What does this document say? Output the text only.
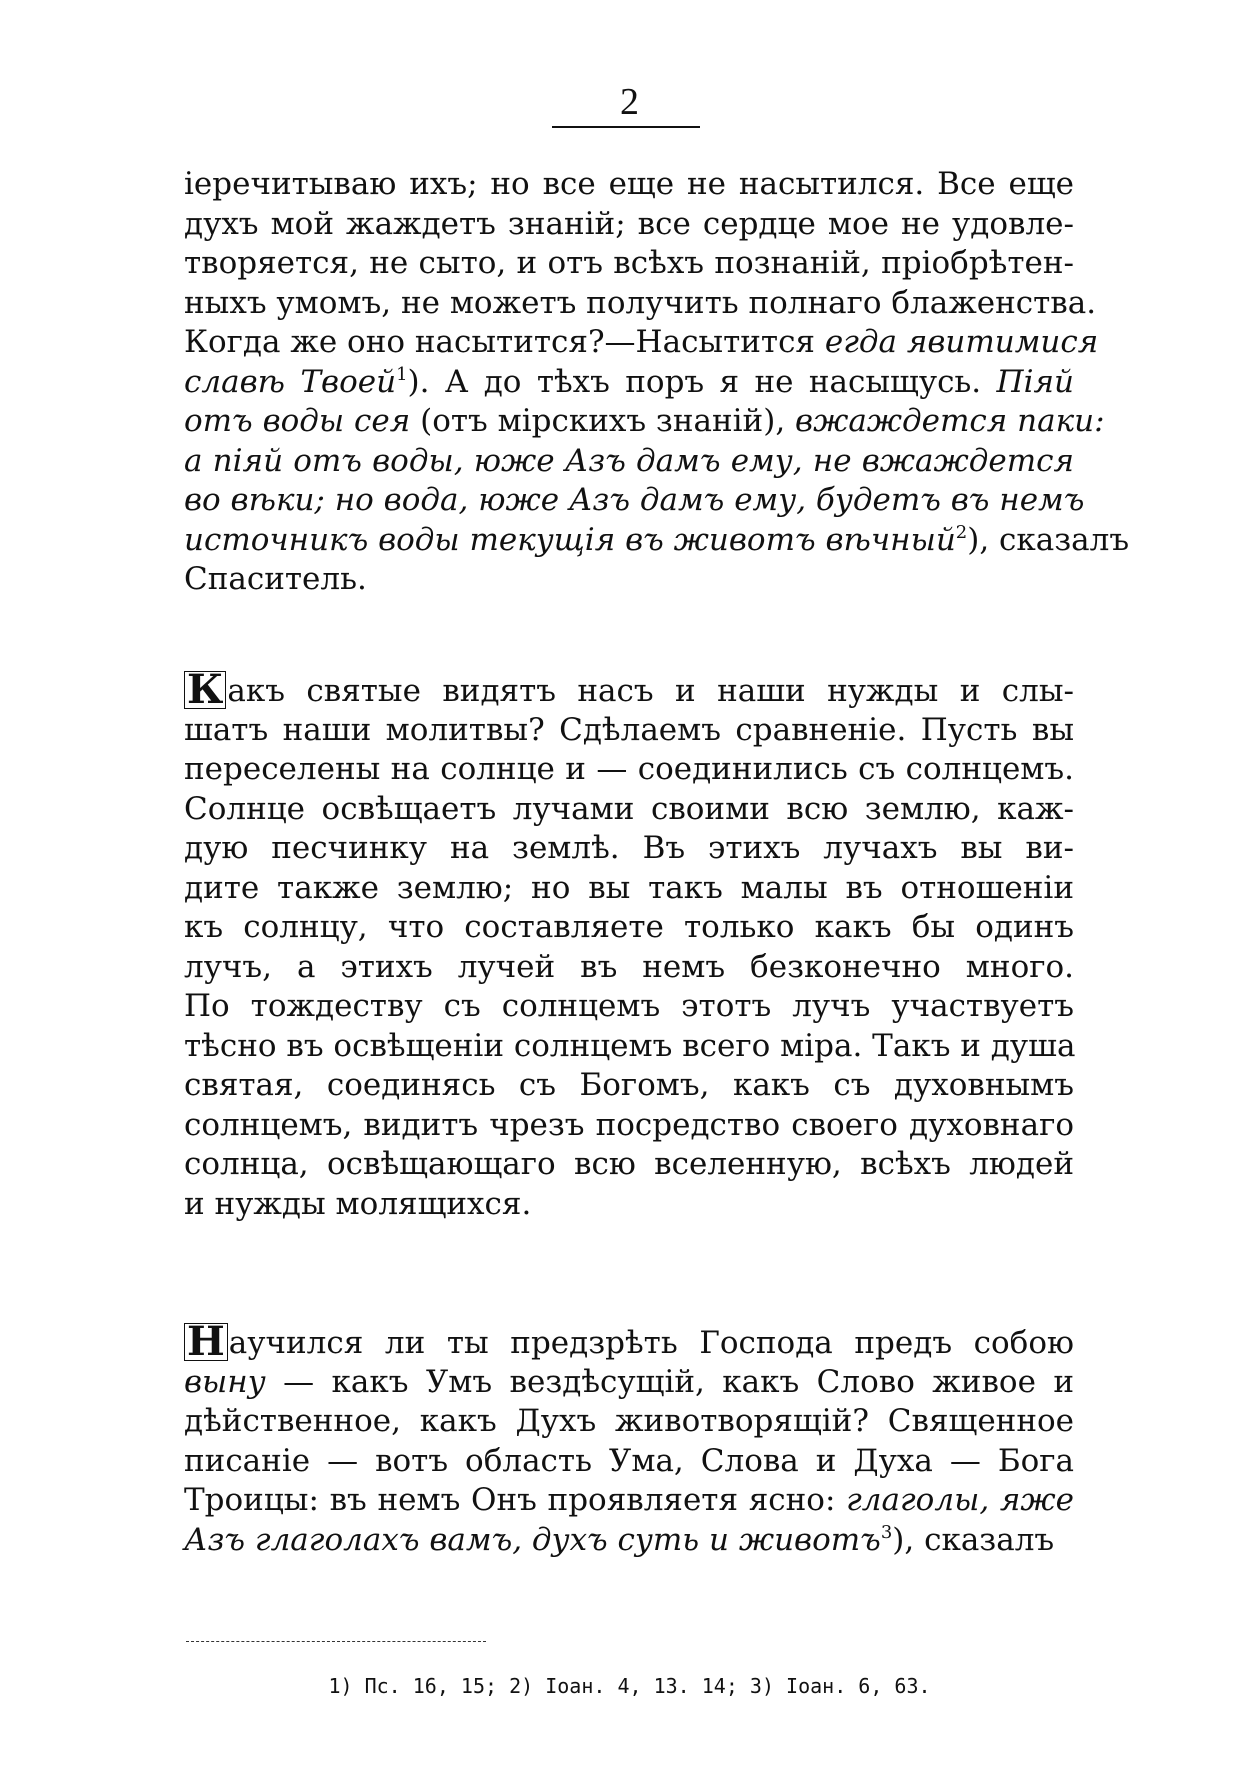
2
іеречитываю ихъ; но все еще не насытился. Все еще
духъ мой жаждетъ знаній; все сердце мое не удовле-
творяется, не сыто, и отъ всѣхъ познаній, пріобрѣтен-
ныхъ умомъ, не можетъ получить полнаго блаженства.
Когда же оно насытится?—Насытится егда явитимися
славѣ Твоей$^1$). А до тѣхъ поръ я не насыщусь. Піяй
отъ воды сея (отъ мірскихъ знаній), вжаждется паки:
а піяй отъ воды, юже Азъ дамъ ему, не вжаждется
во вѣки; но вода, юже Азъ дамъ ему, будетъ въ немъ
источникъ воды текущія въ животъ вѣчный$^2$), сказалъ
Спаситель.
К акъ святые видятъ насъ и наши нужды и слы-
шатъ наши молитвы? Сдѣлаемъ сравненіе. Пусть вы
переселены на солнце и — соединились съ солнцемъ.
Солнце освѣщаетъ лучами своими всю землю, каж-
дую песчинку на землѣ. Въ этихъ лучахъ вы ви-
дите также землю; но вы такъ малы въ отношеніи
къ солнцу, что составляете только какъ бы одинъ
лучъ, а этихъ лучей въ немъ безконечно много.
По тождеству съ солнцемъ этотъ лучъ участвуетъ
тѣсно въ освѣщеніи солнцемъ всего міра. Такъ и душа
святая, соединясь съ Богомъ, какъ съ духовнымъ
солнцемъ, видитъ чрезъ посредство своего духовнаго
солнца, освѣщающаго всю вселенную, всѣхъ людей
и нужды молящихся.
Н аучился ли ты предзрѣть Господа предъ собою
выну — какъ Умъ вездѣсущій, какъ Слово живое и
дѣйственное, какъ Духъ животворящій? Священное
писаніе — вотъ область Ума, Слова и Духа — Бога
Троицы: въ немъ Онъ проявляетя ясно: глаголы, яже
Азъ глаголахъ вамъ, духъ суть и животъ$^3$), сказалъ
1) Пс. 16, 15; 2) Іоан. 4, 13. 14; 3) Іоан. 6, 63.
